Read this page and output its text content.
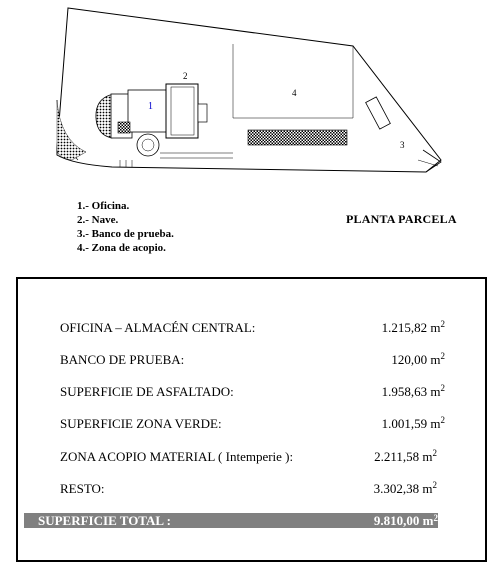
4
1
2
3
1.- Oficina.
2.- Nave.
3.- Banco de prueba.
4.- Zona de acopio.
PLANTA PARCELA
OFICINA – ALMACÉN CENTRAL:	1.215,82 $m^2$
BANCO DE PRUEBA:	120,00 $m^2$
SUPERFICIE DE ASFALTADO:	1.958,63 $m^2$
SUPERFICIE ZONA VERDE:	1.001,59 $m^2$
ZONA ACOPIO MATERIAL ( Intemperie ):	2.211,58 $m^2$
RESTO:	3.302,38 $m^2$
SUPERFICIE TOTAL :	9.810,00 $m^2$
